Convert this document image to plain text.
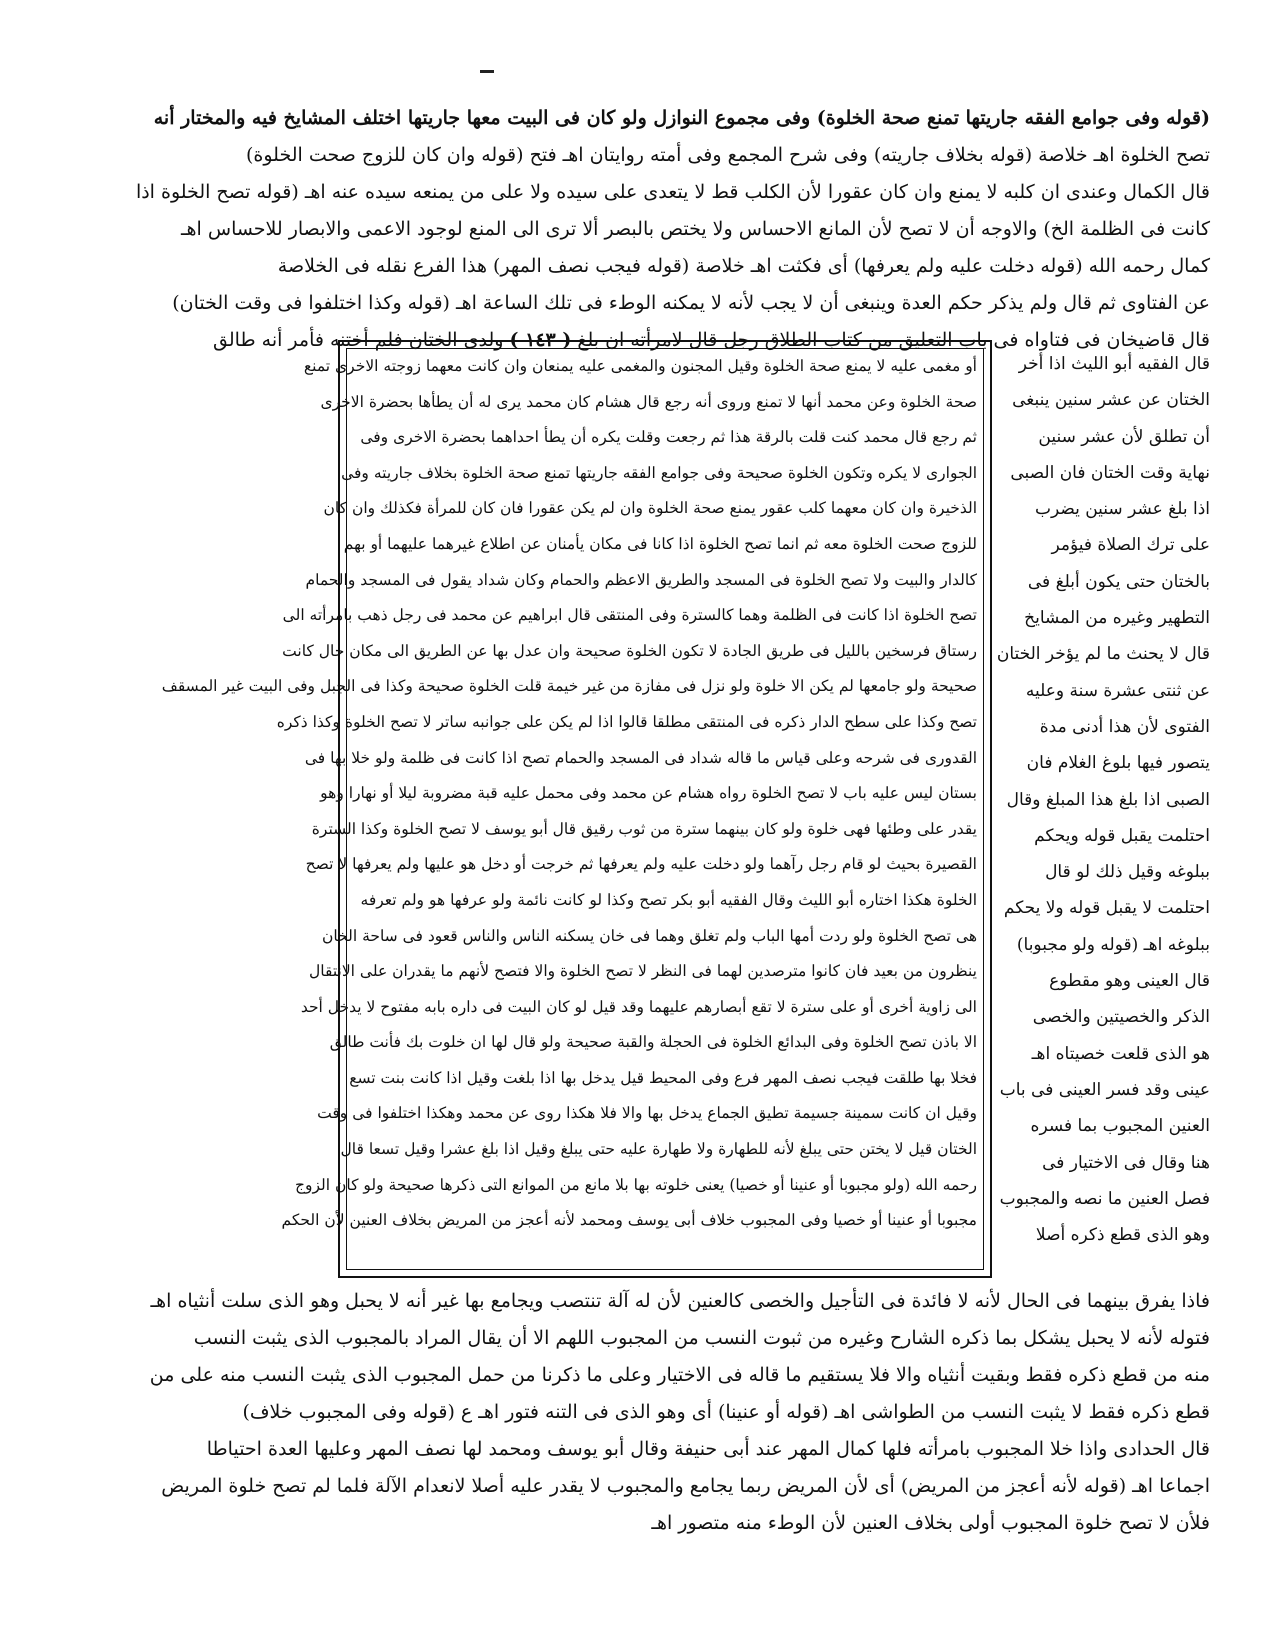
(قوله وفى جوامع الفقه جاريتها تمنع صحة الخلوة) وفى مجموع النوازل ولو كان فى البيت معها جاريتها اختلف المشايخ فيه والمختار أنه
تصح الخلوة اهـ خلاصة (قوله بخلاف جاريته) وفى شرح المجمع وفى أمته روايتان اهـ فتح (قوله وان كان للزوج صحت الخلوة)
قال الكمال وعندى ان كلبه لا يمنع وان كان عقورا لأن الكلب قط لا يتعدى على سيده ولا على من يمنعه سيده عنه اهـ (قوله تصح الخلوة اذا
كانت فى الظلمة الخ) والاوجه أن لا تصح لأن المانع الاحساس ولا يختص بالبصر ألا ترى الى المنع لوجود الاعمى والابصار للاحساس اهـ
كمال رحمه الله (قوله دخلت عليه ولم يعرفها) أى فكثت اهـ خلاصة (قوله فيجب نصف المهر) هذا الفرع نقله فى الخلاصة
عن الفتاوى ثم قال ولم يذكر حكم العدة وينبغى أن لا يجب لأنه لا يمكنه الوطء فى تلك الساعة اهـ (قوله وكذا اختلفوا فى وقت الختان)
قال قاضيخان فى فتاواه فى باب التعليق من كتاب الطلاق رجل قال لامرأته ان بلغ ( ١٤٣ ) ولدى الختان فلم أختنه فأمر أنه طالق
قال الفقيه أبو الليث اذا أخر
الختان عن عشر سنين ينبغى
أن تطلق لأن عشر سنين
نهاية وقت الختان فان الصبى
اذا بلغ عشر سنين يضرب
على ترك الصلاة فيؤمر
بالختان حتى يكون أبلغ فى
التطهير وغيره من المشايخ
قال لا يحنث ما لم يؤخر الختان
عن ثنتى عشرة سنة وعليه
الفتوى لأن هذا أدنى مدة
يتصور فيها بلوغ الغلام فان
الصبى اذا بلغ هذا المبلغ وقال
احتلمت يقبل قوله ويحكم
ببلوغه وقيل ذلك لو قال
احتلمت لا يقبل قوله ولا يحكم
ببلوغه اهـ (قوله ولو مجبوبا)
قال العينى وهو مقطوع
الذكر والخصيتين والخصى
هو الذى قلعت خصيتاه اهـ
عينى وقد فسر العينى فى باب
العنين المجبوب بما فسره
هنا وقال فى الاختيار فى
فصل العنين ما نصه والمجبوب
وهو الذى قطع ذكره أصلا
أو مغمى عليه لا يمنع صحة الخلوة وقيل المجنون والمغمى عليه يمنعان وان كانت معهما زوجته الاخرى تمنع
صحة الخلوة وعن محمد أنها لا تمنع وروى أنه رجع قال هشام كان محمد يرى له أن يطأها بحضرة الاخرى
ثم رجع قال محمد كنت قلت بالرقة هذا ثم رجعت وقلت يكره أن يطأ احداهما بحضرة الاخرى وفى
الجوارى لا يكره وتكون الخلوة صحيحة وفى جوامع الفقه جاريتها تمنع صحة الخلوة بخلاف جاريته وفى
الذخيرة وان كان معهما كلب عقور يمنع صحة الخلوة وان لم يكن عقورا فان كان للمرأة فكذلك وان كان
للزوج صحت الخلوة معه ثم انما تصح الخلوة اذا كانا فى مكان يأمنان عن اطلاع غيرهما عليهما أو بهم
كالدار والبيت ولا تصح الخلوة فى المسجد والطريق الاعظم والحمام وكان شداد يقول فى المسجد والحمام
تصح الخلوة اذا كانت فى الظلمة وهما كالسترة وفى المنتقى قال ابراهيم عن محمد فى رجل ذهب بامرأته الى
رستاق فرسخين بالليل فى طريق الجادة لا تكون الخلوة صحيحة وان عدل بها عن الطريق الى مكان خال كانت
صحيحة ولو جامعها لم يكن الا خلوة ولو نزل فى مفازة من غير خيمة قلت الخلوة صحيحة وكذا فى الجبل وفى البيت غير المسقف
تصح وكذا على سطح الدار ذكره فى المنتقى مطلقا قالوا اذا لم يكن على جوانبه ساتر لا تصح الخلوة وكذا ذكره
القدورى فى شرحه وعلى قياس ما قاله شداد فى المسجد والحمام تصح اذا كانت فى ظلمة ولو خلا بها فى
بستان ليس عليه باب لا تصح الخلوة رواه هشام عن محمد وفى محمل عليه قبة مضروبة ليلا أو نهارا وهو
يقدر على وطئها فهى خلوة ولو كان بينهما سترة من ثوب رقيق قال أبو يوسف لا تصح الخلوة وكذا السترة
القصيرة بحيث لو قام رجل رآهما ولو دخلت عليه ولم يعرفها ثم خرجت أو دخل هو عليها ولم يعرفها لا تصح
الخلوة هكذا اختاره أبو الليث وقال الفقيه أبو بكر تصح وكذا لو كانت نائمة ولو عرفها هو ولم تعرفه
هى تصح الخلوة ولو ردت أمها الباب ولم تغلق وهما فى خان يسكنه الناس والناس قعود فى ساحة الخان
ينظرون من بعيد فان كانوا مترصدين لهما فى النظر لا تصح الخلوة والا فتصح لأنهم ما يقدران على الانتقال
الى زاوية أخرى أو على سترة لا تقع أبصارهم عليهما وقد قيل لو كان البيت فى داره بابه مفتوح لا يدخل أحد
الا باذن تصح الخلوة وفى البدائع الخلوة فى الحجلة والقبة صحيحة ولو قال لها ان خلوت بك فأنت طالق
فخلا بها طلقت فيجب نصف المهر فرع وفى المحيط قيل يدخل بها اذا بلغت وقيل اذا كانت بنت تسع
وقيل ان كانت سمينة جسيمة تطيق الجماع يدخل بها والا فلا هكذا روى عن محمد وهكذا اختلفوا فى وقت
الختان قيل لا يختن حتى يبلغ لأنه للطهارة ولا طهارة عليه حتى يبلغ وقيل اذا بلغ عشرا وقيل تسعا قال
رحمه الله (ولو مجبوبا أو عنينا أو خصيا) يعنى خلوته بها بلا مانع من الموانع التى ذكرها صحيحة ولو كان الزوج
مجبوبا أو عنينا أو خصيا وفى المجبوب خلاف أبى يوسف ومحمد لأنه أعجز من المريض بخلاف العنين لأن الحكم
فاذا يفرق بينهما فى الحال لأنه لا فائدة فى التأجيل والخصى كالعنين لأن له آلة تنتصب ويجامع بها غير أنه لا يحبل وهو الذى سلت أنثياه اهـ
فتوله لأنه لا يحبل يشكل بما ذكره الشارح وغيره من ثبوت النسب من المجبوب اللهم الا أن يقال المراد بالمجبوب الذى يثبت النسب
منه من قطع ذكره فقط وبقيت أنثياه والا فلا يستقيم ما قاله فى الاختيار وعلى ما ذكرنا من حمل المجبوب الذى يثبت النسب منه على من
قطع ذكره فقط لا يثبت النسب من الطواشى اهـ (قوله أو عنينا) أى وهو الذى فى التنه فتور اهـ ع (قوله وفى المجبوب خلاف)
قال الحدادى واذا خلا المجبوب بامرأته فلها كمال المهر عند أبى حنيفة وقال أبو يوسف ومحمد لها نصف المهر وعليها العدة احتياطا
اجماعا اهـ (قوله لأنه أعجز من المريض) أى لأن المريض ربما يجامع والمجبوب لا يقدر عليه أصلا لانعدام الآلة فلما لم تصح خلوة المريض
فلأن لا تصح خلوة المجبوب أولى بخلاف العنين لأن الوطء منه متصور اهـ
